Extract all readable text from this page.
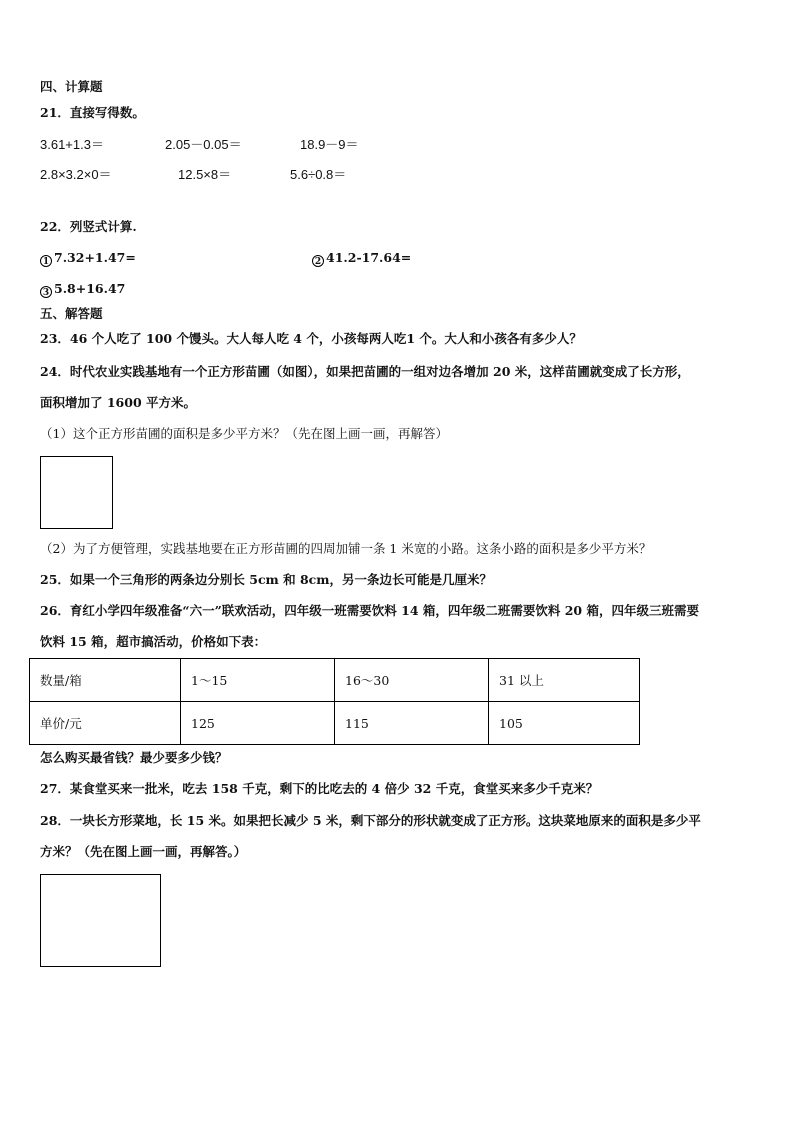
四、计算题
21．直接写得数。
3.61+1.3＝	2.05－0.05＝	18.9－9＝
2.8×3.2×0＝	12.5×8＝	5.6÷0.8＝
22．列竖式计算.
1 7.32+1.47=	2 41.2-17.64=
3 5.8+16.47
五、解答题
23．46 个人吃了 100 个馒头。大人每人吃 4 个，小孩每两人吃1 个。大人和小孩各有多少人？
24．时代农业实践基地有一个正方形苗圃（如图），如果把苗圃的一组对边各增加 20 米，这样苗圃就变成了长方形，
面积增加了 1600 平方米。
（1）这个正方形苗圃的面积是多少平方米？（先在图上画一画，再解答）
（2）为了方便管理，实践基地要在正方形苗圃的四周加铺一条 1 米宽的小路。这条小路的面积是多少平方米？
25．如果一个三角形的两条边分别长 5cm 和 8cm，另一条边长可能是几厘米？
26．育红小学四年级准备“六一”联欢活动，四年级一班需要饮料 14 箱，四年级二班需要饮料 20 箱，四年级三班需要
饮料 15 箱，超市搞活动，价格如下表：
数量/箱	1～15	16～30	31 以上
单价/元	125	115	105
怎么购买最省钱？最少要多少钱？
27．某食堂买来一批米，吃去 158 千克，剩下的比吃去的 4 倍少 32 千克，食堂买来多少千克米？
28．一块长方形菜地，长 15 米。如果把长减少 5 米，剩下部分的形状就变成了正方形。这块菜地原来的面积是多少平
方米？（先在图上画一画，再解答。）
